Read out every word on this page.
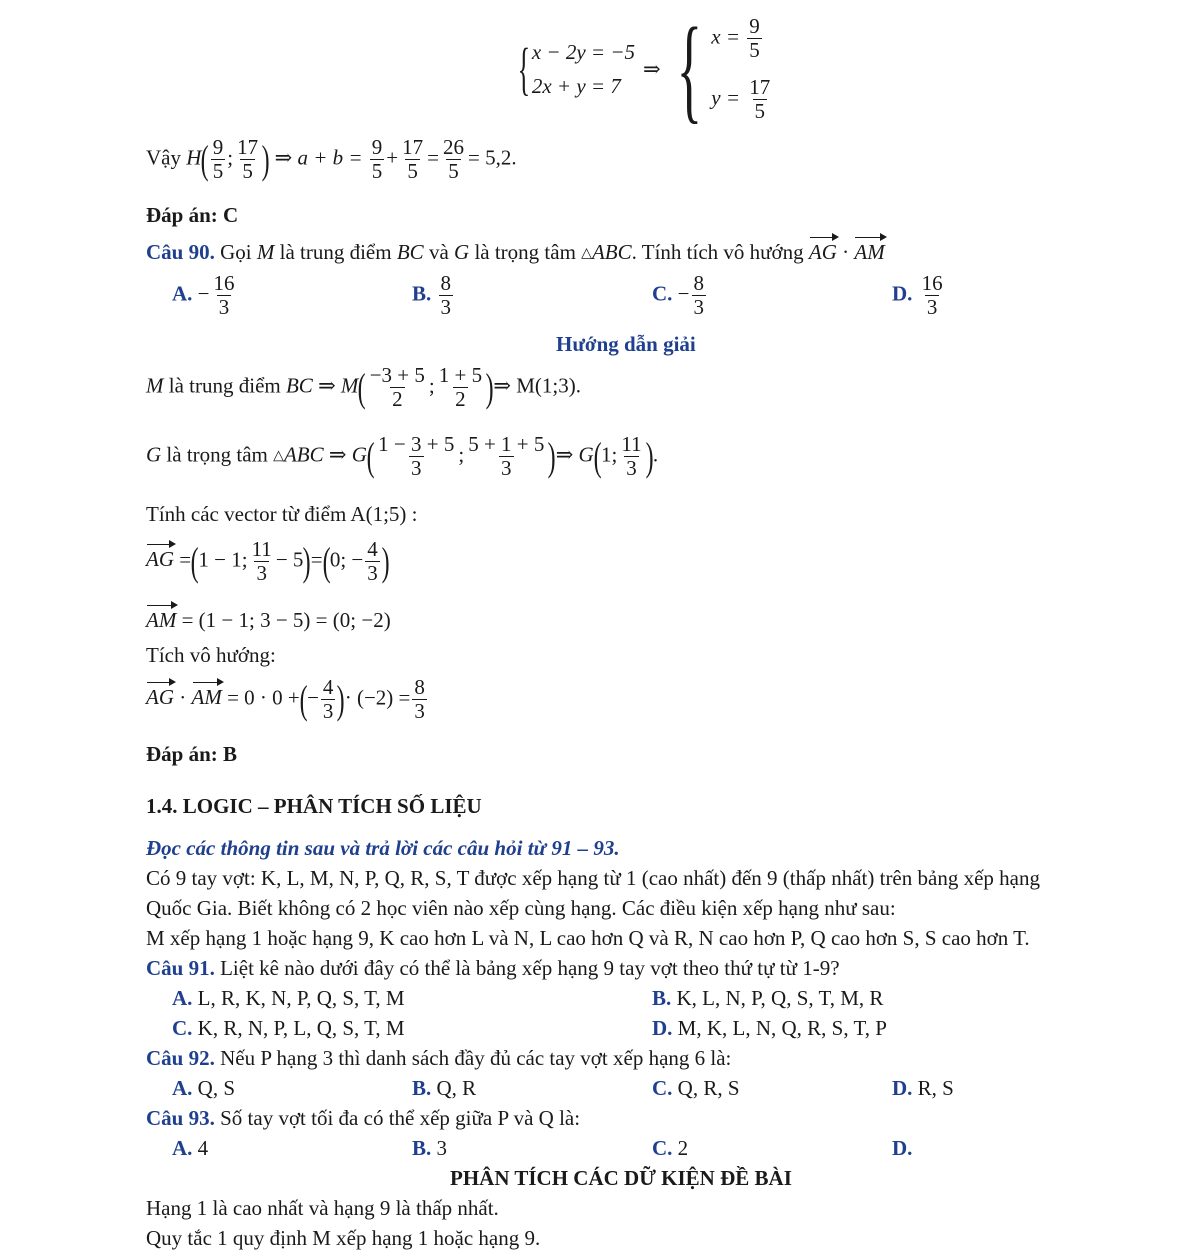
{ x − 2y = −5
2x + y = 7
⇒ { $x = \frac{9}{5}$
$y = \frac{17}{5}$
Vậy $H( \frac{9}{5}$ ; $\frac{17}{5}$ ) ⇒ $a + b = \frac{9}{5} + \frac{17}{5} = \frac{26}{5} = 5,2$.
Đáp án: C
Câu 90. Gọi M là trung điểm BC và G là trọng tâm △ABC. Tính tích vô hướng AG · AM
A. − $\frac{16}{3}$	B. $\frac{8}{3}$	C. − $\frac{8}{3}$	D. $\frac{16}{3}$
Hướng dẫn giải
M là trung điểm BC ⇒ $M( \frac{-3 + 5}{2}$ ; $\frac{1 + 5}{2}$ )⇒ M(1;3).
G là trọng tâm △ABC ⇒ $G( \frac{1 - 3 + 5}{3}$ ; $\frac{5 + 1 + 5}{3}$ )⇒ G(1; $\frac{11}{3}$ ).
Tính các vector từ điểm A(1;5) :
AG =(1 − 1; $\frac{11}{3} - 5)=(0$; − $\frac{4}{3}$ )
AM = (1 − 1; 3 − 5) = (0; −2)
Tích vô hướng:
AG · AM = 0 · 0 +(− $\frac{4}{3}$ )· $(-2) = \frac{8}{3}$
Đáp án: B
1.4. LOGIC – PHÂN TÍCH SỐ LIỆU
Đọc các thông tin sau và trả lời các câu hỏi từ 91 – 93.
Có 9 tay vợt: K, L, M, N, P, Q, R, S, T được xếp hạng từ 1 (cao nhất) đến 9 (thấp nhất) trên bảng xếp hạng
Quốc Gia. Biết không có 2 học viên nào xếp cùng hạng. Các điều kiện xếp hạng như sau:
M xếp hạng 1 hoặc hạng 9, K cao hơn L và N, L cao hơn Q và R, N cao hơn P, Q cao hơn S, S cao hơn T.
Câu 91. Liệt kê nào dưới đây có thể là bảng xếp hạng 9 tay vợt theo thứ tự từ 1-9?
A. L, R, K, N, P, Q, S, T, M	B. K, L, N, P, Q, S, T, M, R
C. K, R, N, P, L, Q, S, T, M	D. M, K, L, N, Q, R, S, T, P
Câu 92. Nếu P hạng 3 thì danh sách đầy đủ các tay vợt xếp hạng 6 là:
A. Q, S	B. Q, R	C. Q, R, S	D. R, S
Câu 93. Số tay vợt tối đa có thể xếp giữa P và Q là:
A. 4	B. 3	C. 2	D.
PHÂN TÍCH CÁC DỮ KIỆN ĐỀ BÀI
Hạng 1 là cao nhất và hạng 9 là thấp nhất.
Quy tắc 1 quy định M xếp hạng 1 hoặc hạng 9.
